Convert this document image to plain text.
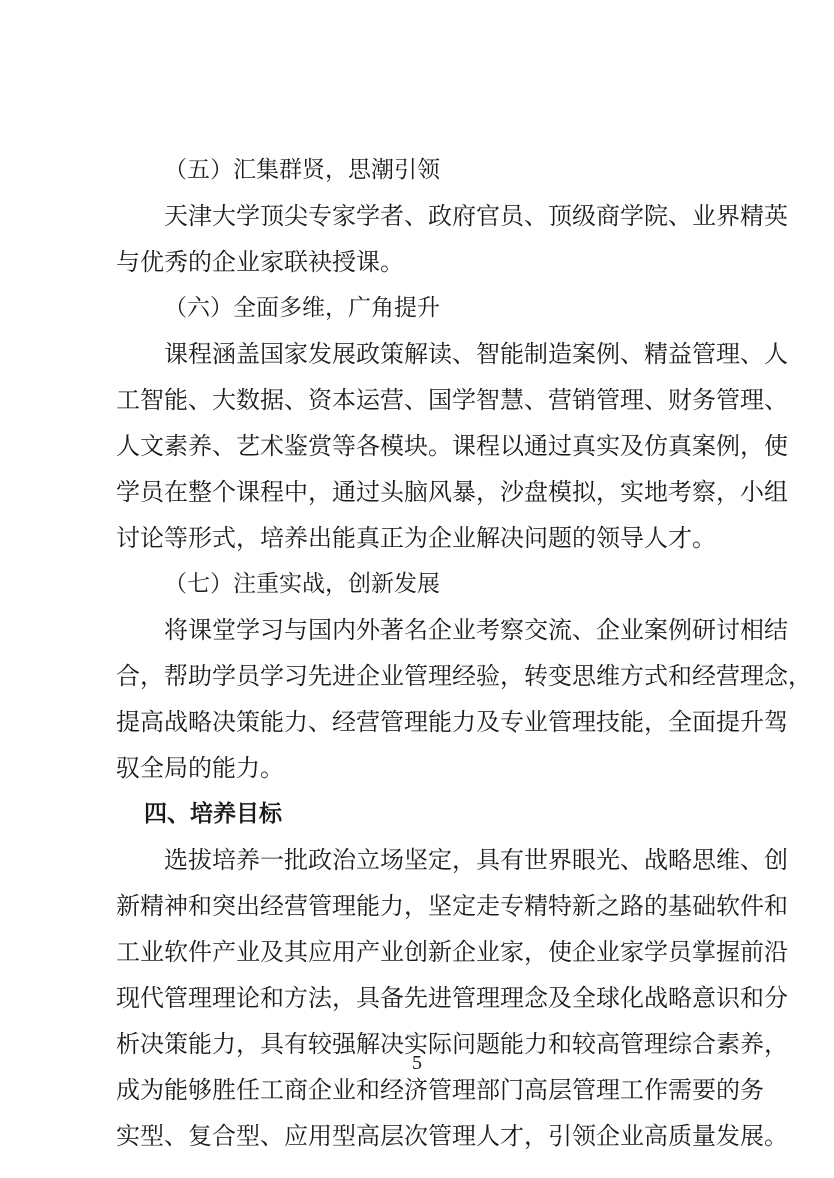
（五）汇集群贤，思潮引领
天津大学顶尖专家学者、政府官员、顶级商学院、业界精英
与优秀的企业家联袂授课。
（六）全面多维，广角提升
课程涵盖国家发展政策解读、智能制造案例、精益管理、人
工智能、大数据、资本运营、国学智慧、营销管理、财务管理、
人文素养、艺术鉴赏等各模块。课程以通过真实及仿真案例，使
学员在整个课程中，通过头脑风暴，沙盘模拟，实地考察，小组
讨论等形式，培养出能真正为企业解决问题的领导人才。
（七）注重实战，创新发展
将课堂学习与国内外著名企业考察交流、企业案例研讨相结
合，帮助学员学习先进企业管理经验，转变思维方式和经营理念，
提高战略决策能力、经营管理能力及专业管理技能，全面提升驾
驭全局的能力。
四、培养目标
选拔培养一批政治立场坚定，具有世界眼光、战略思维、创
新精神和突出经营管理能力，坚定走专精特新之路的基础软件和
工业软件产业及其应用产业创新企业家，使企业家学员掌握前沿
现代管理理论和方法，具备先进管理理念及全球化战略意识和分
析决策能力，具有较强解决实际问题能力和较高管理综合素养，
成为能够胜任工商企业和经济管理部门高层管理工作需要的务
实型、复合型、应用型高层次管理人才，引领企业高质量发展。
5
